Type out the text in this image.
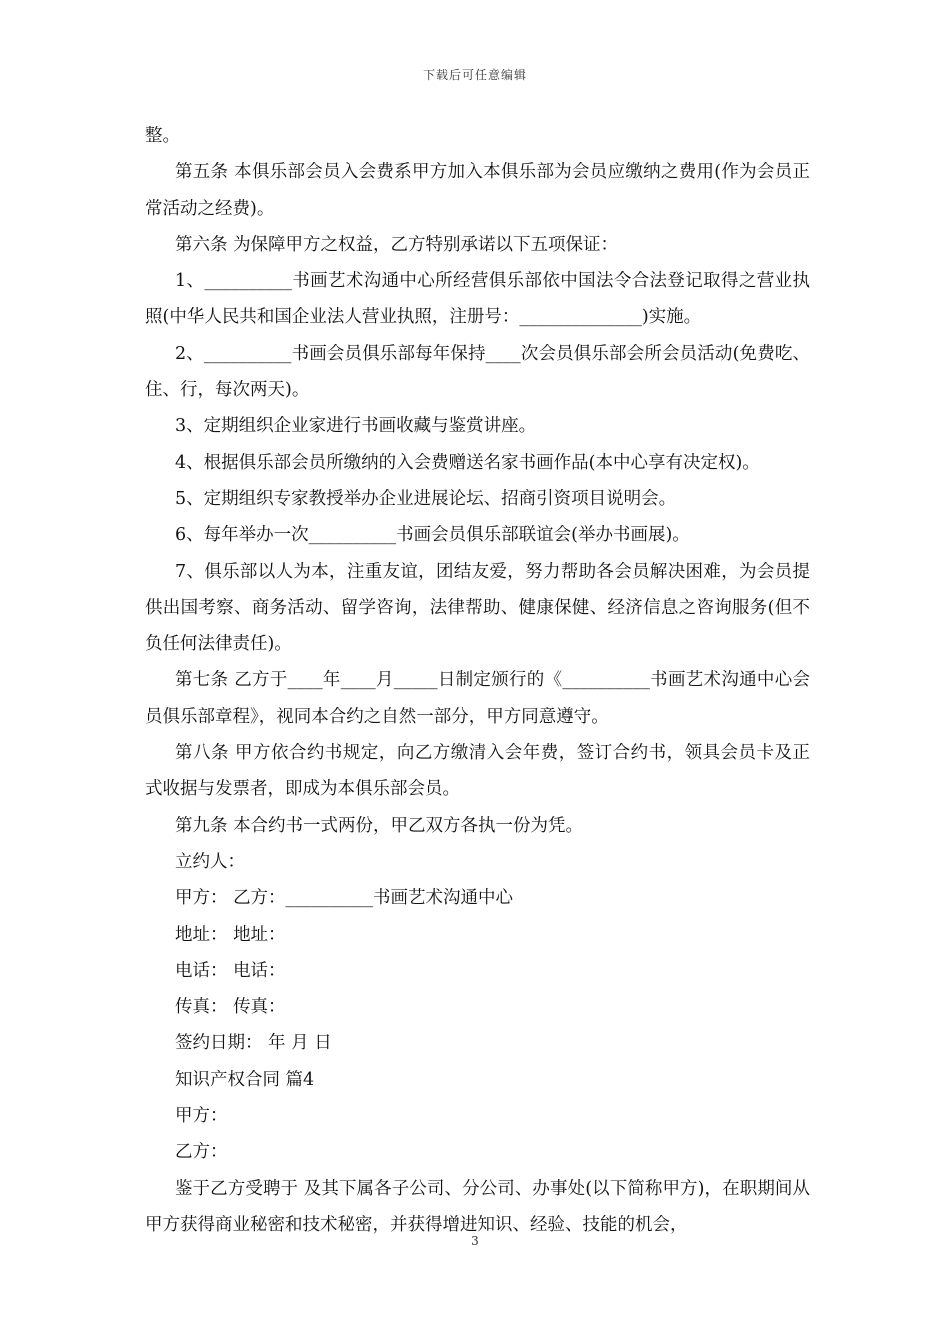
下载后可任意编辑

整。

第五条 本俱乐部会员入会费系甲方加入本俱乐部为会员应缴纳之费用(作为会员正常活动之经费)。

第六条 为保障甲方之权益，乙方特别承诺以下五项保证：

1、__________书画艺术沟通中心所经营俱乐部依中国法令合法登记取得之营业执照(中华人民共和国企业法人营业执照，注册号：______________)实施。

2、__________书画会员俱乐部每年保持____次会员俱乐部会所会员活动(免费吃、住、行，每次两天)。

3、定期组织企业家进行书画收藏与鉴赏讲座。

4、根据俱乐部会员所缴纳的入会费赠送名家书画作品(本中心享有决定权)。

5、定期组织专家教授举办企业进展论坛、招商引资项目说明会。

6、每年举办一次__________书画会员俱乐部联谊会(举办书画展)。

7、俱乐部以人为本，注重友谊，团结友爱，努力帮助各会员解决困难，为会员提供出国考察、商务活动、留学咨询，法律帮助、健康保健、经济信息之咨询服务(但不负任何法律责任)。

第七条 乙方于____年____月_____日制定颁行的《__________书画艺术沟通中心会员俱乐部章程》，视同本合约之自然一部分，甲方同意遵守。

第八条 甲方依合约书规定，向乙方缴清入会年费，签订合约书，领具会员卡及正式收据与发票者，即成为本俱乐部会员。

第九条 本合约书一式两份，甲乙双方各执一份为凭。

立约人：

甲方： 乙方：__________书画艺术沟通中心

地址： 地址：

电话： 电话：

传真： 传真：

签约日期： 年 月 日

知识产权合同 篇4

甲方：

乙方：

鉴于乙方受聘于 及其下属各子公司、分公司、办事处(以下简称甲方)，在职期间从甲方获得商业秘密和技术秘密，并获得增进知识、经验、技能的机会，

3
